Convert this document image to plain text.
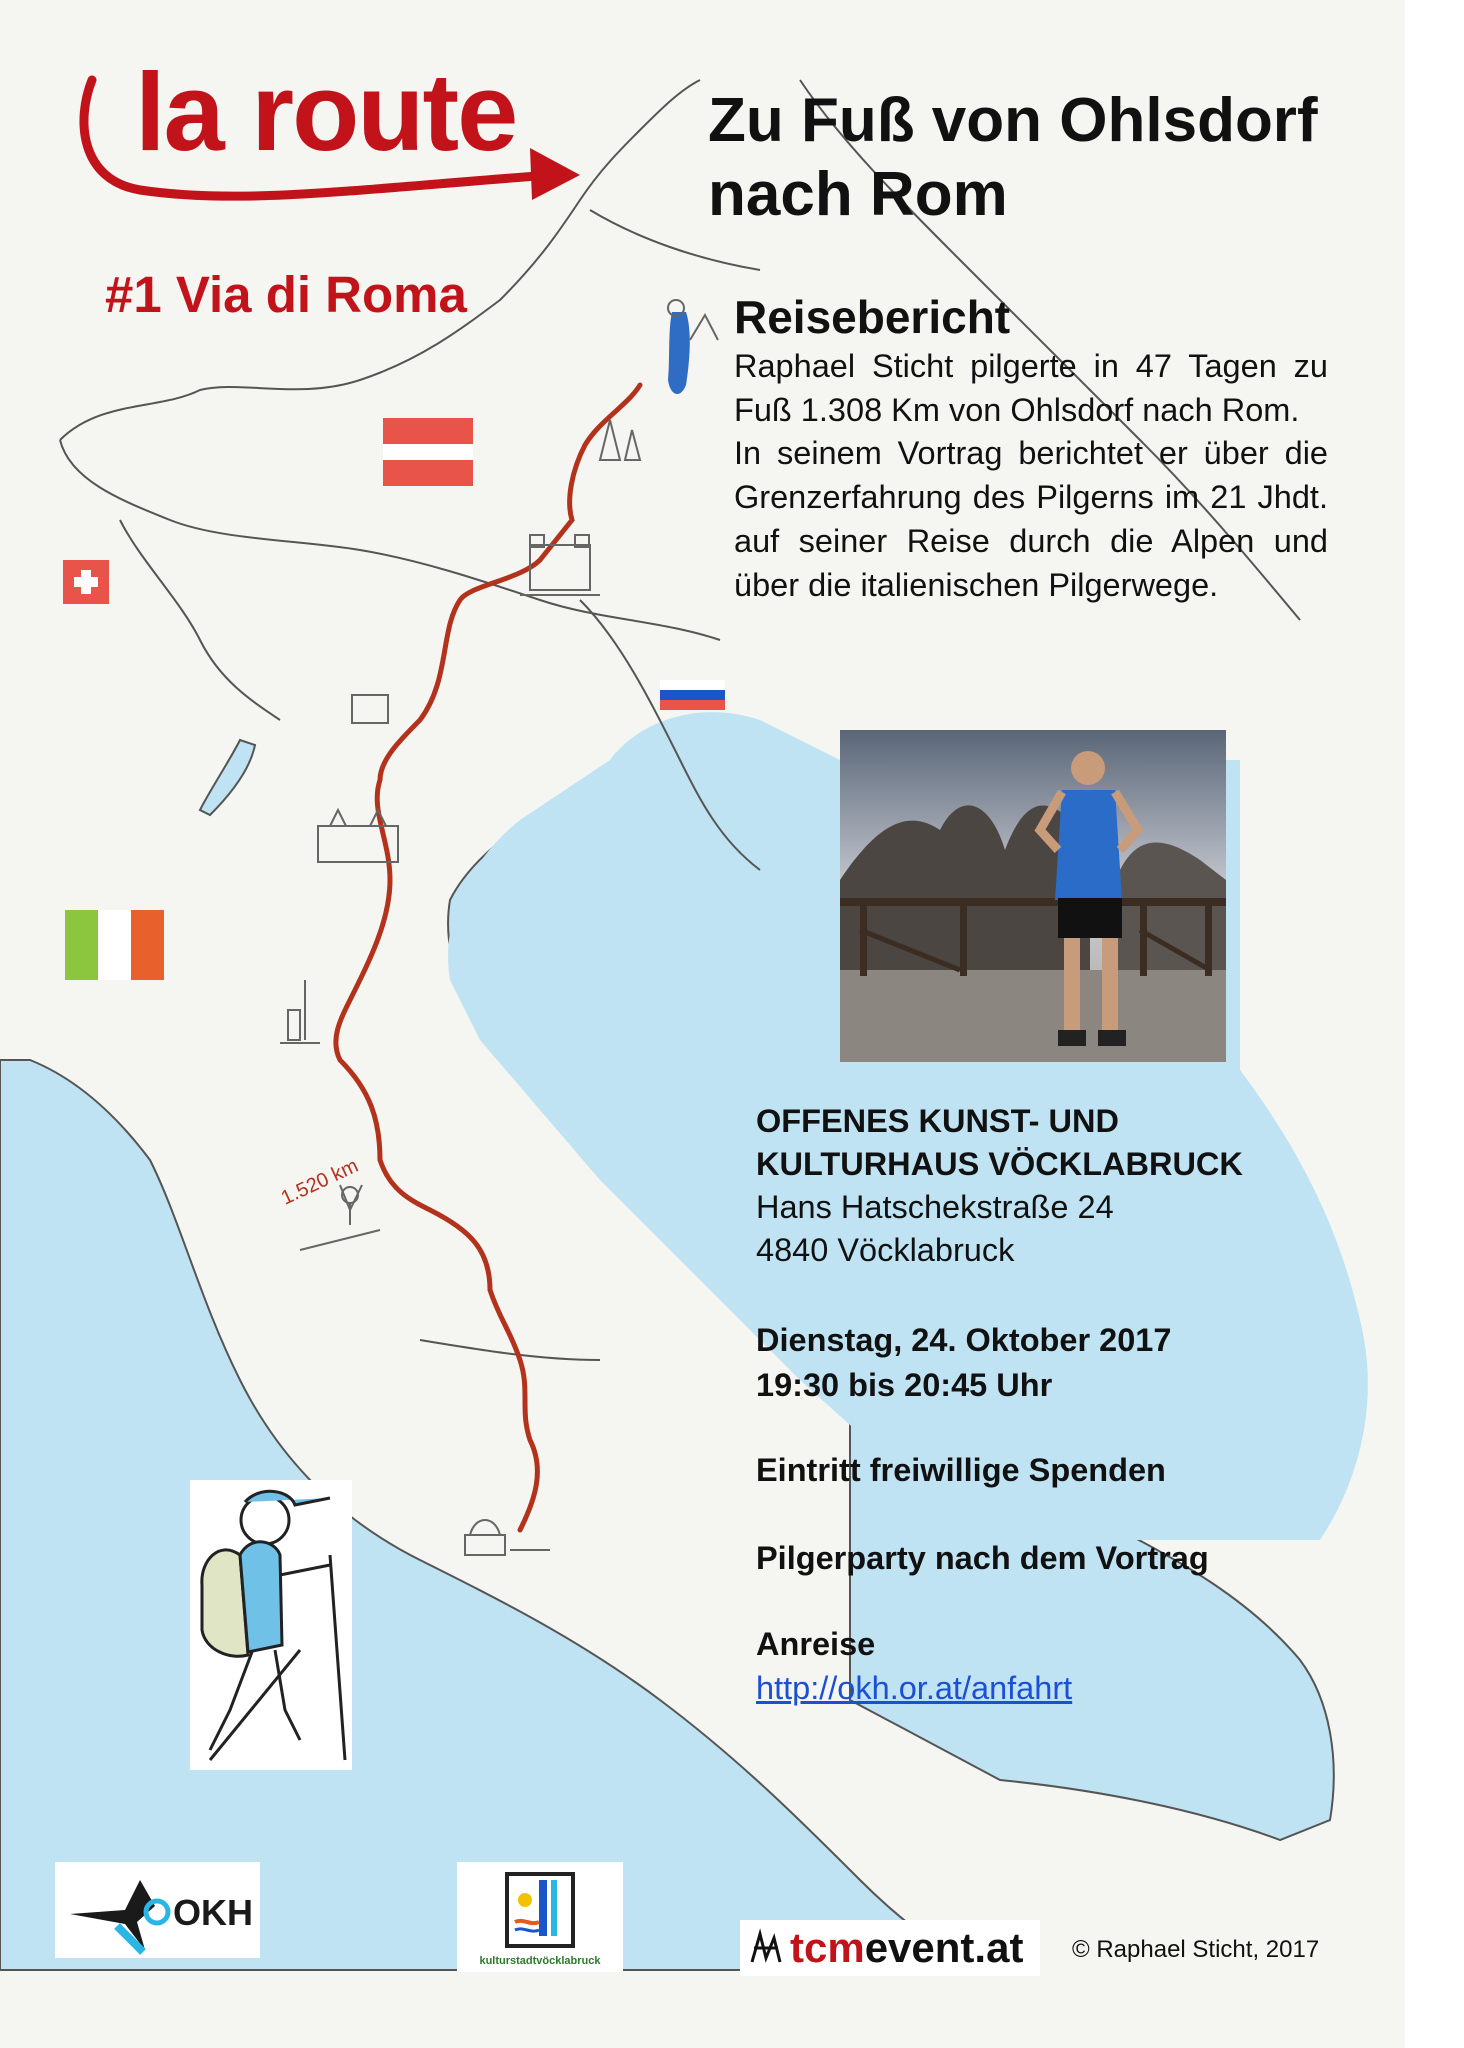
1.520 km
la route	Zu Fuß von Ohlsdorf
nach Rom
#1 Via di Roma	Reisebericht

Raphael Sticht pilgerte in 47 Tagen zu Fuß 1.308 Km von Ohlsdorf nach Rom.

In seinem Vortrag berichtet er über die Grenzerfahrung des Pilgerns im 21 Jhdt. auf seiner Reise durch die Alpen und über die italienischen Pilgerwege.

OFFENES KUNST- UND
KULTURHAUS VÖCKLABRUCK
Hans Hatschekstraße 24
4840 Vöcklabruck
Dienstag, 24. Oktober 2017
19:30 bis 20:45 Uhr
Eintritt freiwillige Spenden
Pilgerparty nach dem Vortrag
Anreise
http://okh.or.at/anfahrt
OKH
kulturstadtvöcklabruck	tcmevent.at © Raphael Sticht, 2017
